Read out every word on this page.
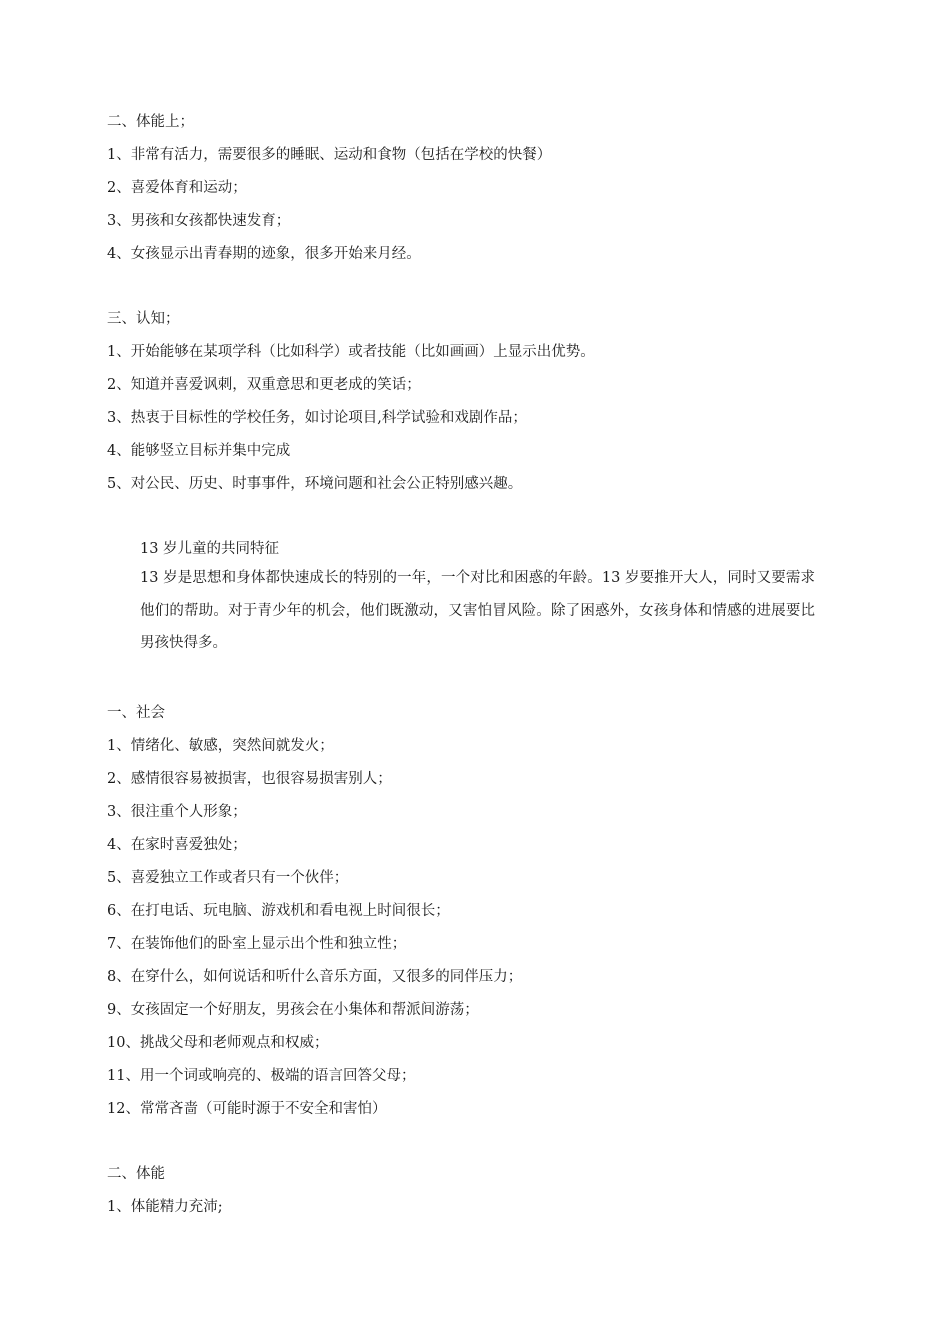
二、体能上；
1、非常有活力，需要很多的睡眠、运动和食物（包括在学校的快餐）
2、喜爱体育和运动；
3、男孩和女孩都快速发育；
4、女孩显示出青春期的迹象，很多开始来月经。
三、认知；
1、开始能够在某项学科（比如科学）或者技能（比如画画）上显示出优势。
2、知道并喜爱讽刺，双重意思和更老成的笑话；
3、热衷于目标性的学校任务，如讨论项目,科学试验和戏剧作品；
4、能够竖立目标并集中完成
5、对公民、历史、时事事件，环境问题和社会公正特别感兴趣。
13 岁儿童的共同特征
13 岁是思想和身体都快速成长的特别的一年，一个对比和困惑的年龄。13 岁要推开大人，同时又要需求他们的帮助。对于青少年的机会，他们既激动，又害怕冒风险。除了困惑外，女孩身体和情感的进展要比男孩快得多。
一、社会
1、情绪化、敏感，突然间就发火；
2、感情很容易被损害，也很容易损害别人；
3、很注重个人形象；
4、在家时喜爱独处；
5、喜爱独立工作或者只有一个伙伴；
6、在打电话、玩电脑、游戏机和看电视上时间很长；
7、在装饰他们的卧室上显示出个性和独立性；
8、在穿什么，如何说话和听什么音乐方面，又很多的同伴压力；
9、女孩固定一个好朋友，男孩会在小集体和帮派间游荡；
10、挑战父母和老师观点和权威；
11、用一个词或响亮的、极端的语言回答父母；
12、常常吝啬（可能时源于不安全和害怕）
二、体能
1、体能精力充沛;
